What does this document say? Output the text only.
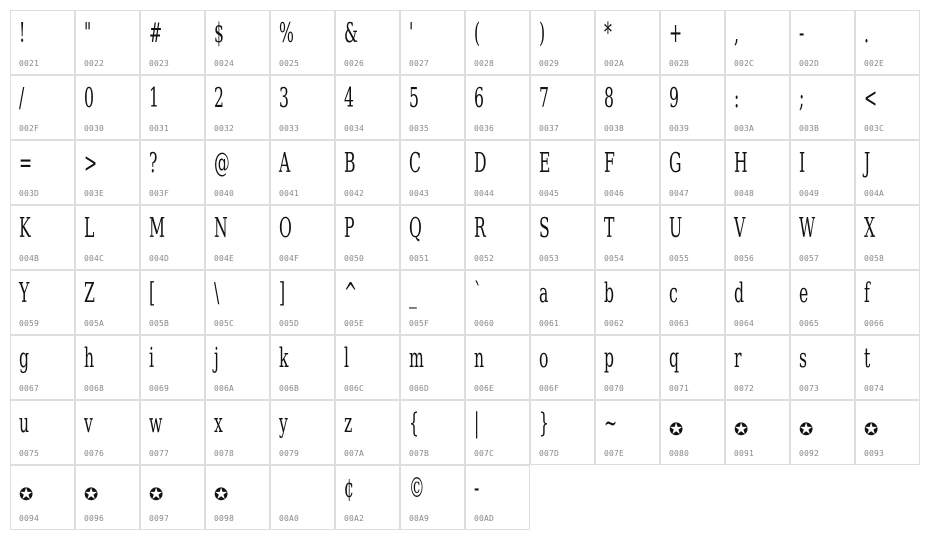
!
0021
"
0022
#
0023
$
0024
%
0025
&
0026
'
0027
(
0028
)
0029
*
002A
+
002B
,
002C
-
002D
.
002E
/
002F
0
0030
1
0031
2
0032
3
0033
4
0034
5
0035
6
0036
7
0037
8
0038
9
0039
:
003A
;
003B
<
003C
=
003D
>
003E
?
003F
@
0040
A
0041
B
0042
C
0043
D
0044
E
0045
F
0046
G
0047
H
0048
I
0049
J
004A
K
004B
L
004C
M
004D
N
004E
O
004F
P
0050
Q
0051
R
0052
S
0053
T
0054
U
0055
V
0056
W
0057
X
0058
Y
0059
Z
005A
[
005B
\
005C
]
005D
^
005E
_
005F
`
0060
a
0061
b
0062
c
0063
d
0064
e
0065
f
0066
g
0067
h
0068
i
0069
j
006A
k
006B
l
006C
m
006D
n
006E
o
006F
p
0070
q
0071
r
0072
s
0073
t
0074
u
0075
v
0076
w
0077
x
0078
y
0079
z
007A
{
007B
|
007C
}
007D
~
007E
✪
0080
✪
0091
✪
0092
✪
0093
✪
0094
✪
0096
✪
0097
✪
0098	00A0
¢
00A2
©
00A9
-
00AD
